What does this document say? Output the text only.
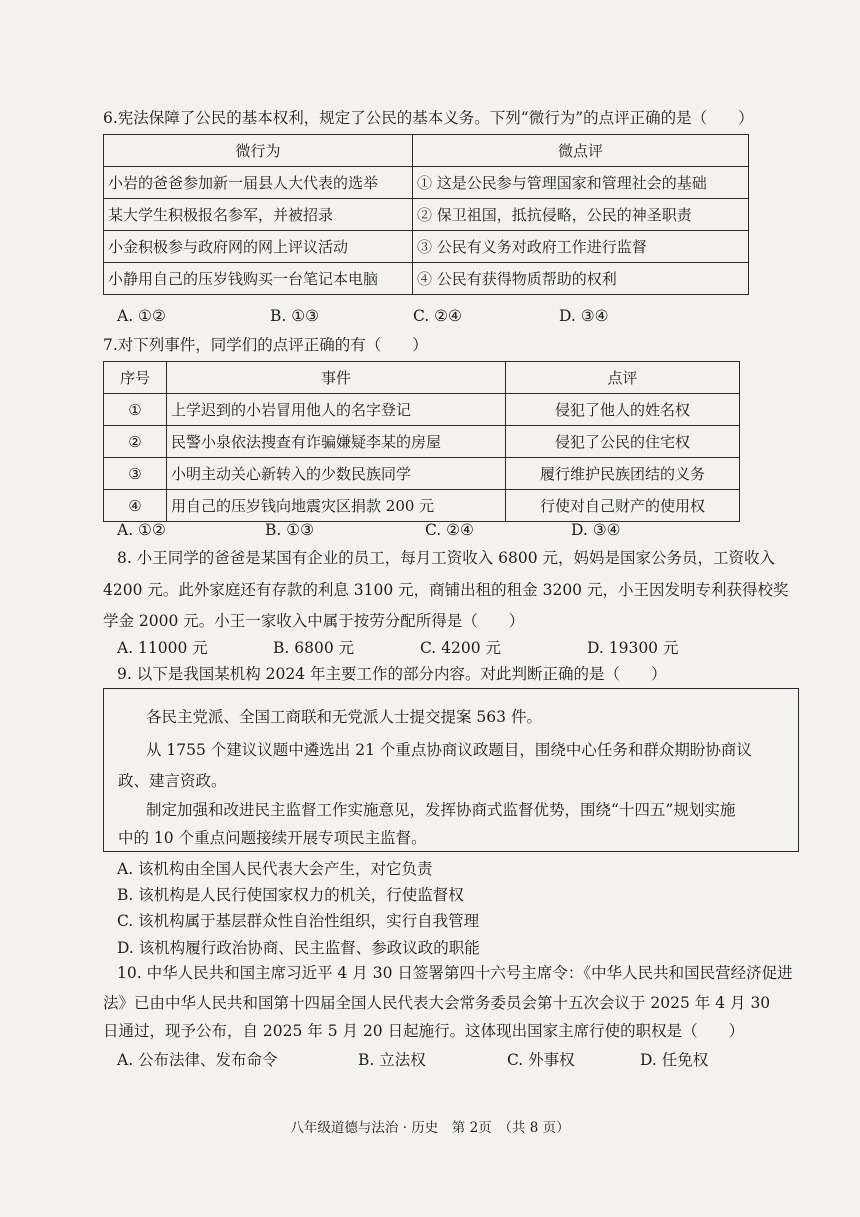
6.宪法保障了公民的基本权利，规定了公民的基本义务。下列“微行为”的点评正确的是（　　）
微行为	微点评
小岩的爸爸参加新一届县人大代表的选举	① 这是公民参与管理国家和管理社会的基础
某大学生积极报名参军，并被招录	② 保卫祖国，抵抗侵略，公民的神圣职责
小金积极参与政府网的网上评议活动	③ 公民有义务对政府工作进行监督
小静用自己的压岁钱购买一台笔记本电脑	④ 公民有获得物质帮助的权利
A. ①②	B. ①③	C. ②④	D. ③④
7.对下列事件，同学们的点评正确的有（　　）
序号	事件	点评
①	上学迟到的小岩冒用他人的名字登记	侵犯了他人的姓名权
②	民警小泉依法搜查有诈骗嫌疑李某的房屋	侵犯了公民的住宅权
③	小明主动关心新转入的少数民族同学	履行维护民族团结的义务
④	用自己的压岁钱向地震灾区捐款 200 元	行使对自己财产的使用权
A. ①②	B. ①③	C. ②④	D. ③④
8. 小王同学的爸爸是某国有企业的员工，每月工资收入 6800 元，妈妈是国家公务员，工资收入
4200 元。此外家庭还有存款的利息 3100 元，商铺出租的租金 3200 元，小王因发明专利获得校奖
学金 2000 元。小王一家收入中属于按劳分配所得是（　　）
A. 11000 元	B. 6800 元	C. 4200 元	D. 19300 元
9. 以下是我国某机构 2024 年主要工作的部分内容。对此判断正确的是（　　）
各民主党派、全国工商联和无党派人士提交提案 563 件。
从 1755 个建议议题中遴选出 21 个重点协商议政题目，围绕中心任务和群众期盼协商议
政、建言资政。
制定加强和改进民主监督工作实施意见，发挥协商式监督优势，围绕“十四五”规划实施
中的 10 个重点问题接续开展专项民主监督。
A. 该机构由全国人民代表大会产生，对它负责
B. 该机构是人民行使国家权力的机关，行使监督权
C. 该机构属于基层群众性自治性组织，实行自我管理
D. 该机构履行政治协商、民主监督、参政议政的职能
10. 中华人民共和国主席习近平 4 月 30 日签署第四十六号主席令：《中华人民共和国民营经济促进
法》已由中华人民共和国第十四届全国人民代表大会常务委员会第十五次会议于 2025 年 4 月 30
日通过，现予公布，自 2025 年 5 月 20 日起施行。这体现出国家主席行使的职权是（　　）
A. 公布法律、发布命令	B. 立法权	C. 外事权	D. 任免权
八年级道德与法治 · 历史　第 2页　（共 8 页）
